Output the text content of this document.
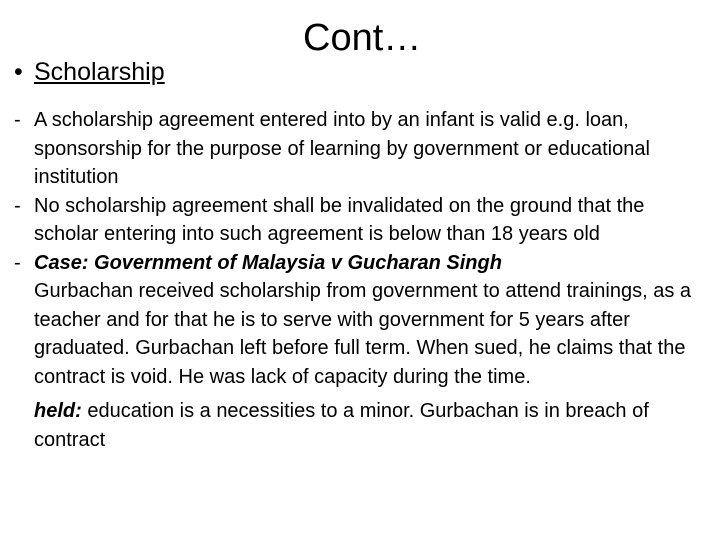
Cont…
• Scholarship
- A scholarship agreement entered into by an infant is valid e.g. loan, sponsorship for the purpose of learning by government or educational institution
- No scholarship agreement shall be invalidated on the ground that the scholar entering into such agreement is below than 18 years old
- Case: Government of Malaysia v Gucharan Singh
Gurbachan received scholarship from government to attend trainings, as a teacher and for that he is to serve with government for 5 years after graduated. Gurbachan left before full term. When sued, he claims that the contract is void. He was lack of capacity during the time.
held: education is a necessities to a minor. Gurbachan is in breach of contract
